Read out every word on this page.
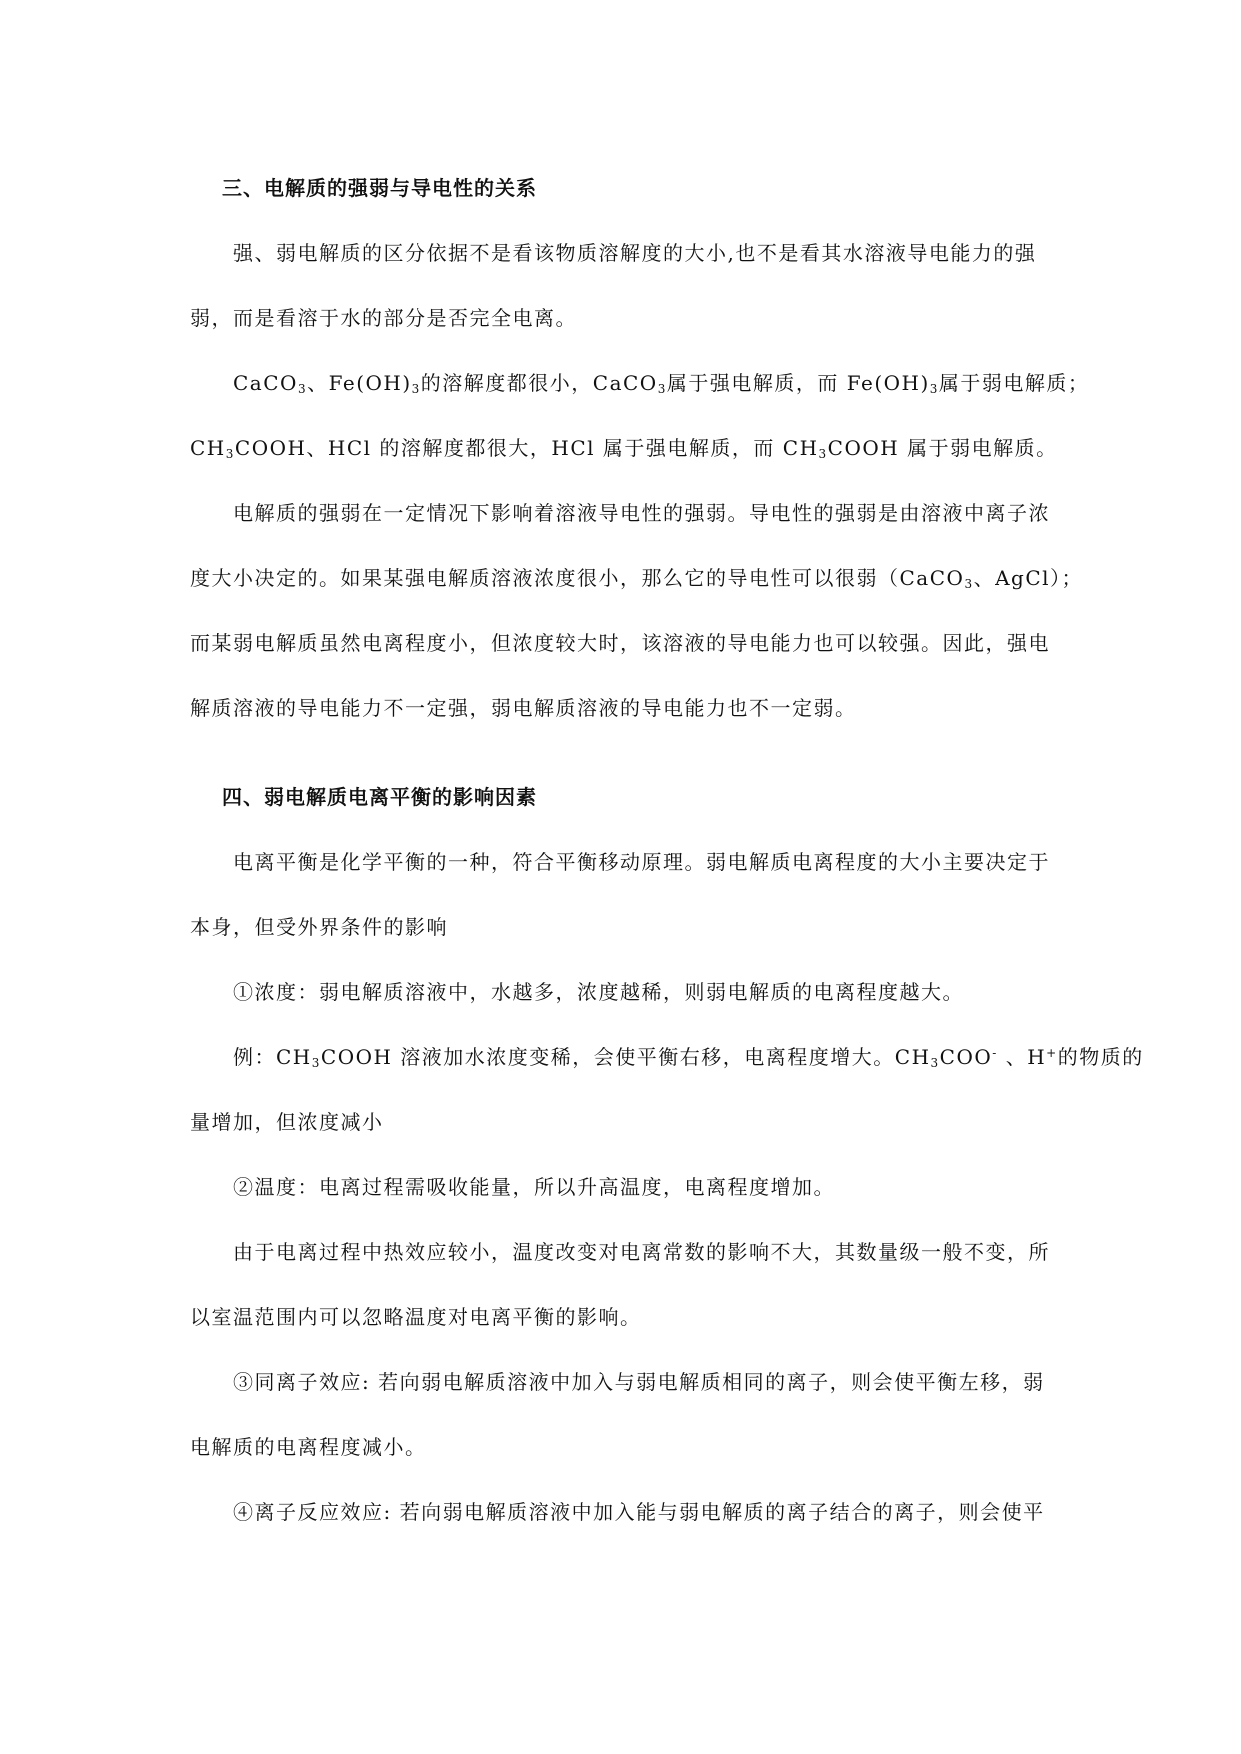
三、电解质的强弱与导电性的关系
强、弱电解质的区分依据不是看该物质溶解度的大小,也不是看其水溶液导电能力的强
弱，而是看溶于水的部分是否完全电离。
CaCO$_3$、$Fe(OH)_3$的溶解度都很小，CaCO$_3$属于强电解质，而 $Fe(OH)_3$属于弱电解质；
$CH_3COOH$、HCl 的溶解度都很大，HCl 属于强电解质，而 $CH_3COOH$ 属于弱电解质。
电解质的强弱在一定情况下影响着溶液导电性的强弱。导电性的强弱是由溶液中离子浓
度大小决定的。如果某强电解质溶液浓度很小，那么它的导电性可以很弱（CaCO$_3$、AgCl）；
而某弱电解质虽然电离程度小，但浓度较大时，该溶液的导电能力也可以较强。因此，强电
解质溶液的导电能力不一定强，弱电解质溶液的导电能力也不一定弱。
四、弱电解质电离平衡的影响因素
电离平衡是化学平衡的一种，符合平衡移动原理。弱电解质电离程度的大小主要决定于
本身，但受外界条件的影响
①浓度：弱电解质溶液中，水越多，浓度越稀，则弱电解质的电离程度越大。
例：$CH_3COOH$ 溶液加水浓度变稀，会使平衡右移，电离程度增大。$CH_3COO^-$ 、H+的物质的
量增加，但浓度减小
②温度：电离过程需吸收能量，所以升高温度，电离程度增加。
由于电离过程中热效应较小，温度改变对电离常数的影响不大，其数量级一般不变，所
以室温范围内可以忽略温度对电离平衡的影响。
③同离子效应: 若向弱电解质溶液中加入与弱电解质相同的离子，则会使平衡左移，弱
电解质的电离程度减小。
④离子反应效应: 若向弱电解质溶液中加入能与弱电解质的离子结合的离子，则会使平
